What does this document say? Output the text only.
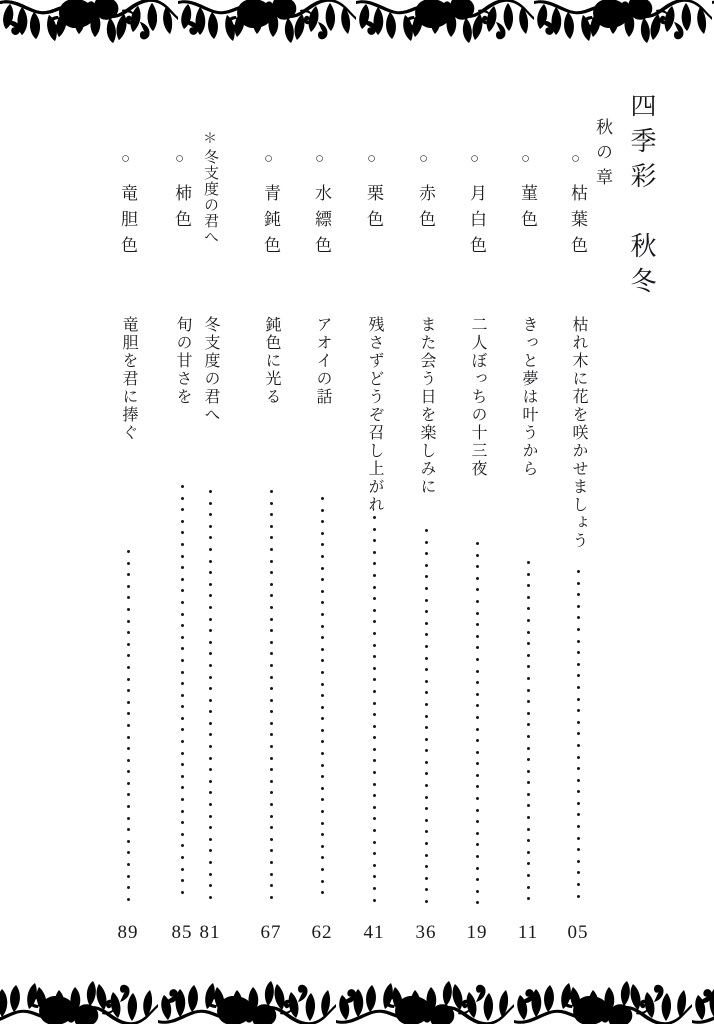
四季彩　秋冬
秋の章
○
枯葉色
枯れ木に花を咲かせましょう
05
○
菫色
きっと夢は叶うから
11
○
月白色
二人ぼっちの十三夜
19
○
赤色
また会う日を楽しみに
36
○
栗色
残さずどうぞ召し上がれ
41
○
水縹色
アオイの話
62
○
青鈍色
鈍色に光る
67
＊
冬支度の君へ
冬支度の君へ
81
○
柿色
旬の甘さを
85
○
竜胆色
竜胆を君に捧ぐ
89
